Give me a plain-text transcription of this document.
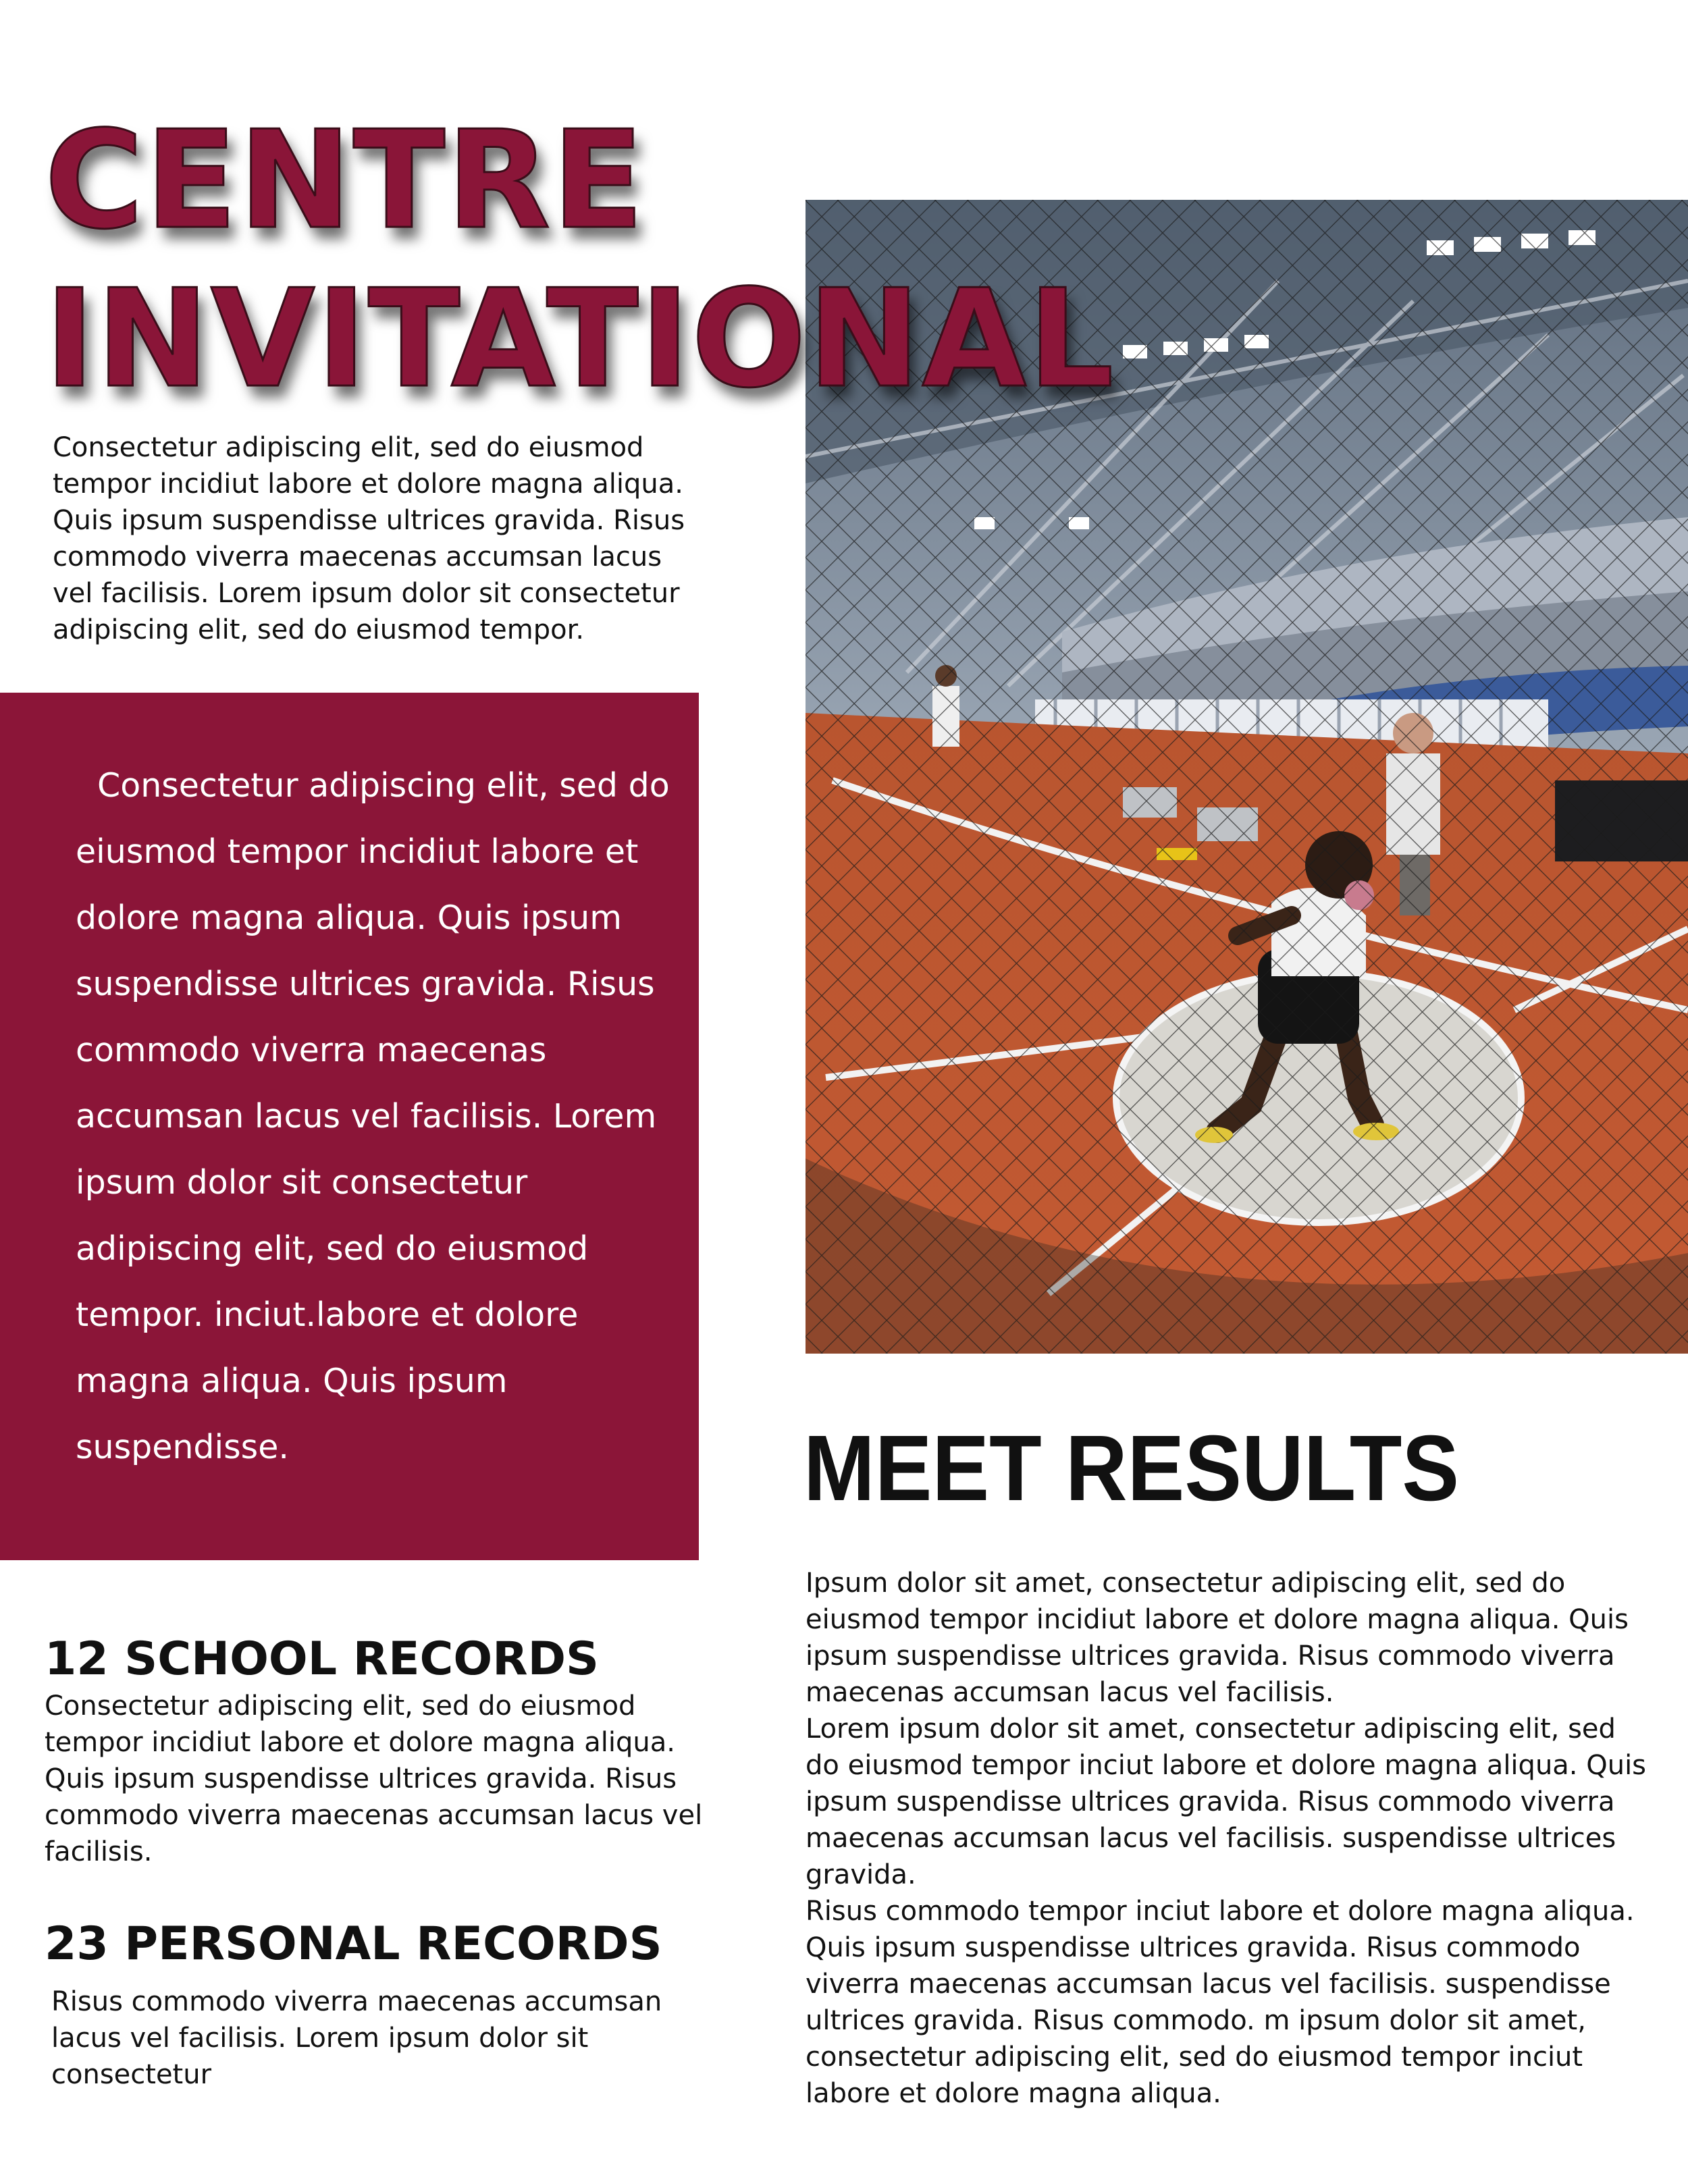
CENTRE
INVITATIONAL

Consectetur adipiscing elit, sed do eiusmod tempor incidiut labore et dolore magna aliqua. Quis ipsum suspendisse ultrices gravida. Risus commodo viverra maecenas accumsan lacus vel facilisis. Lorem ipsum dolor sit consectetur adipiscing elit, sed do eiusmod tempor.

Consectetur adipiscing elit, sed do eiusmod tempor incidiut labore et dolore magna aliqua. Quis ipsum suspendisse ultrices gravida. Risus commodo viverra maecenas accumsan lacus vel facilisis. Lorem ipsum dolor sit consectetur adipiscing elit, sed do eiusmod tempor. inciut.labore et dolore magna aliqua. Quis ipsum suspendisse.	MEET RESULTS

Ipsum dolor sit amet, consectetur adipiscing elit, sed do eiusmod tempor incidiut labore et dolore magna aliqua. Quis ipsum suspendisse ultrices gravida. Risus commodo viverra maecenas accumsan lacus vel facilisis.

Lorem ipsum dolor sit amet, consectetur adipiscing elit, sed do eiusmod tempor inciut labore et dolore magna aliqua. Quis ipsum suspendisse ultrices gravida. Risus commodo viverra maecenas accumsan lacus vel facilisis. suspendisse ultrices gravida.

Risus commodo tempor inciut labore et dolore magna aliqua. Quis ipsum suspendisse ultrices gravida. Risus commodo viverra maecenas accumsan lacus vel facilisis. suspendisse ultrices gravida. Risus commodo. m ipsum dolor sit amet, consectetur adipiscing elit, sed do eiusmod tempor inciut labore et dolore magna aliqua.

12 SCHOOL RECORDS

Consectetur adipiscing elit, sed do eiusmod tempor incidiut labore et dolore magna aliqua. Quis ipsum suspendisse ultrices gravida. Risus commodo viverra maecenas accumsan lacus vel facilisis.

23 PERSONAL RECORDS

Risus commodo viverra maecenas accumsan lacus vel facilisis. Lorem ipsum dolor sit consectetur
